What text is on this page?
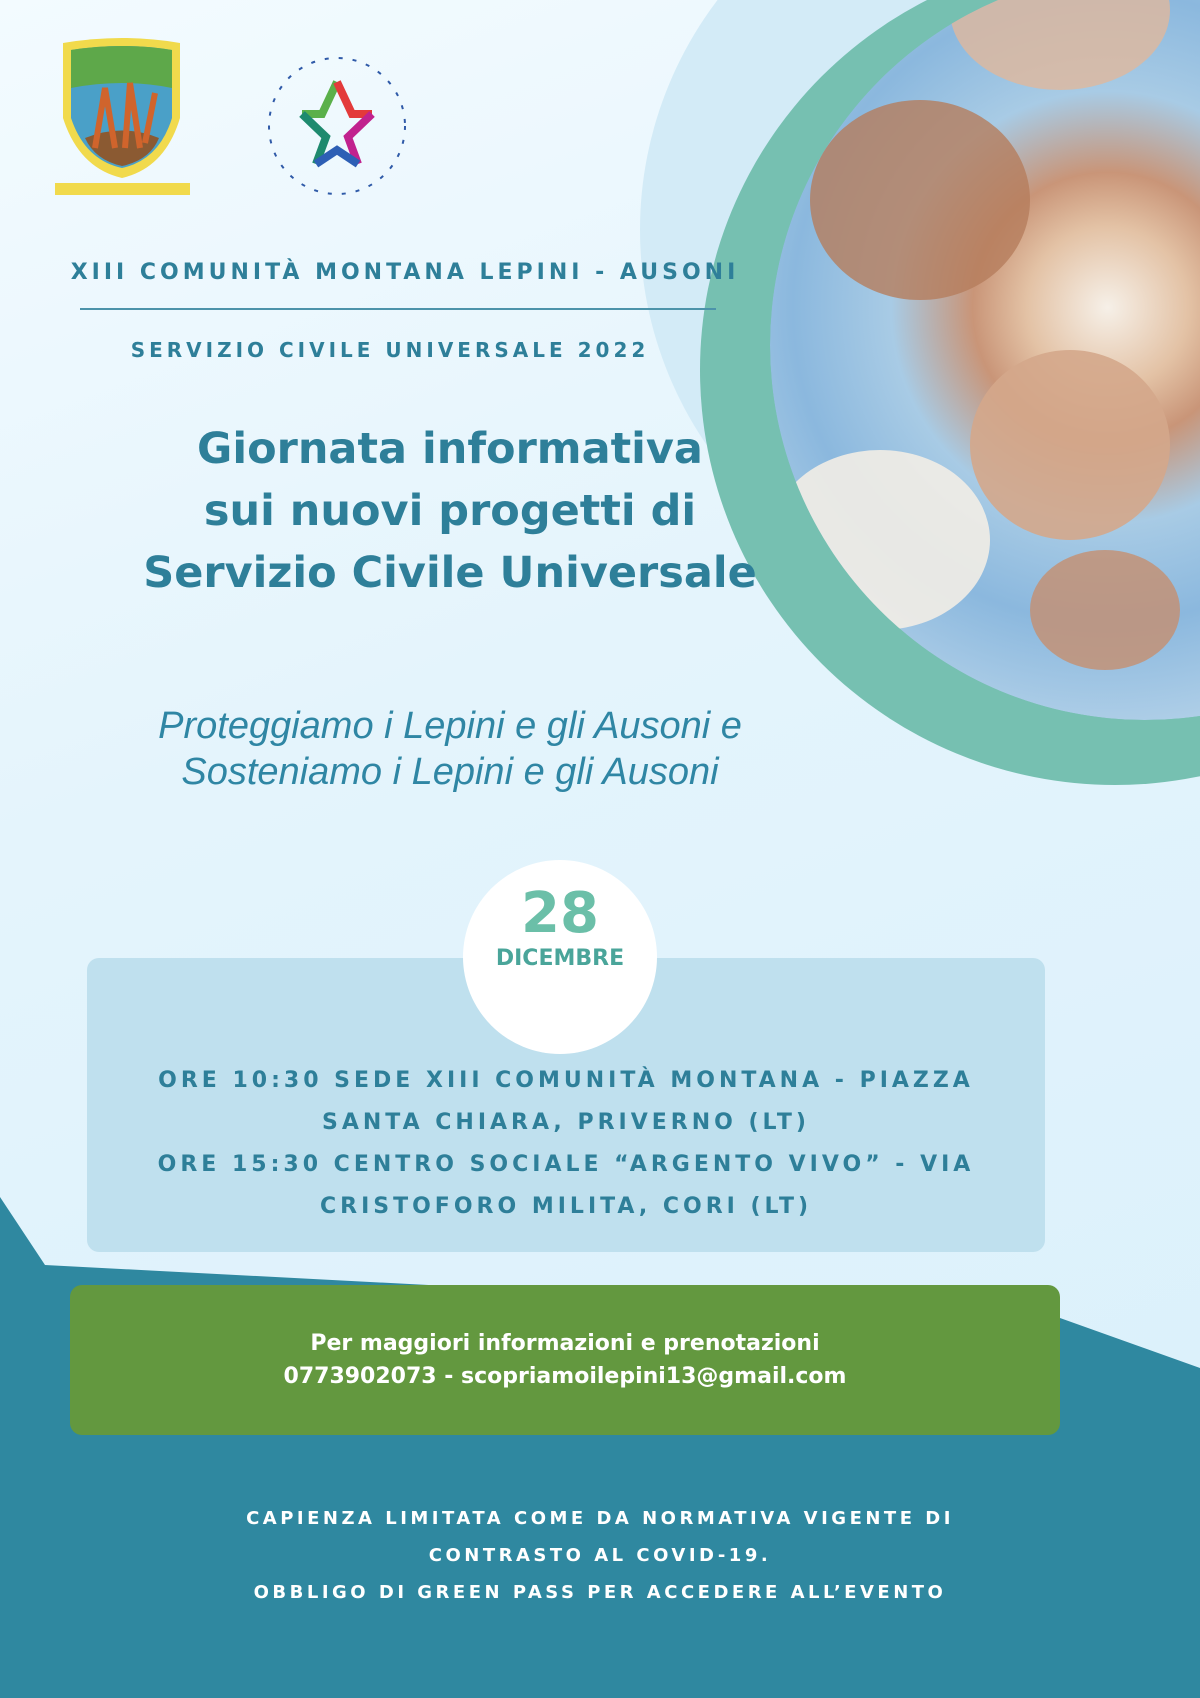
XIII COMUNITÀ MONTANA LEPINI - AUSONI
SERVIZIO CIVILE UNIVERSALE 2022
Giornata informativa
sui nuovi progetti di
Servizio Civile Universale
Proteggiamo i Lepini e gli Ausoni e
Sosteniamo i Lepini e gli Ausoni
ORE 10:30 SEDE XIII COMUNITÀ MONTANA - PIAZZA
SANTA CHIARA, PRIVERNO (LT)
ORE 15:30 CENTRO SOCIALE “ARGENTO VIVO” - VIA
CRISTOFORO MILITA, CORI (LT)
28
DICEMBRE
Per maggiori informazioni e prenotazioni
0773902073 - scopriamoilepini13@gmail.com
CAPIENZA LIMITATA COME DA NORMATIVA VIGENTE DI
CONTRASTO AL COVID-19.
OBBLIGO DI GREEN PASS PER ACCEDERE ALL’EVENTO
